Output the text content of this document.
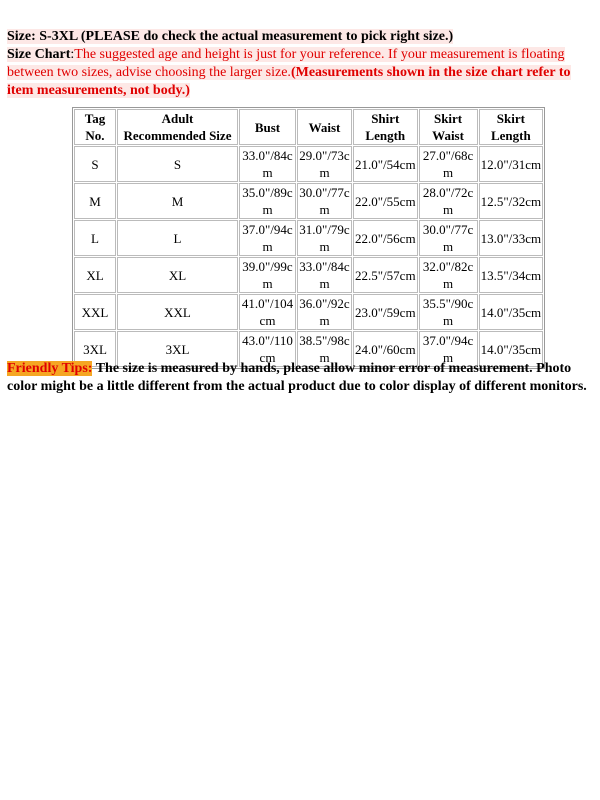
Size: S-3XL (PLEASE do check the actual measurement to pick right size.)

Size Chart:The suggested age and height is just for your reference. If your measurement is floating between two sizes, advise choosing the larger size.(Measurements shown in the size chart refer to item measurements, not body.)

Tag No.	Adult Recommended Size	Bust	Waist	Shirt Length	Skirt Waist	Skirt Length
S	S	33.0"/84cm	29.0"/73cm	21.0"/54cm	27.0"/68cm	12.0"/31cm
M	M	35.0"/89cm	30.0"/77cm	22.0"/55cm	28.0"/72cm	12.5"/32cm
L	L	37.0"/94cm	31.0"/79cm	22.0"/56cm	30.0"/77cm	13.0"/33cm
XL	XL	39.0"/99cm	33.0"/84cm	22.5"/57cm	32.0"/82cm	13.5"/34cm
XXL	XXL	41.0"/104cm	36.0"/92cm	23.0"/59cm	35.5"/90cm	14.0"/35cm
3XL	3XL	43.0"/110cm	38.5"/98cm	24.0"/60cm	37.0"/94cm	14.0"/35cm

Friendly Tips: The size is measured by hands, please allow minor error of measurement. Photo color might be a little different from the actual product due to color display of different monitors.
